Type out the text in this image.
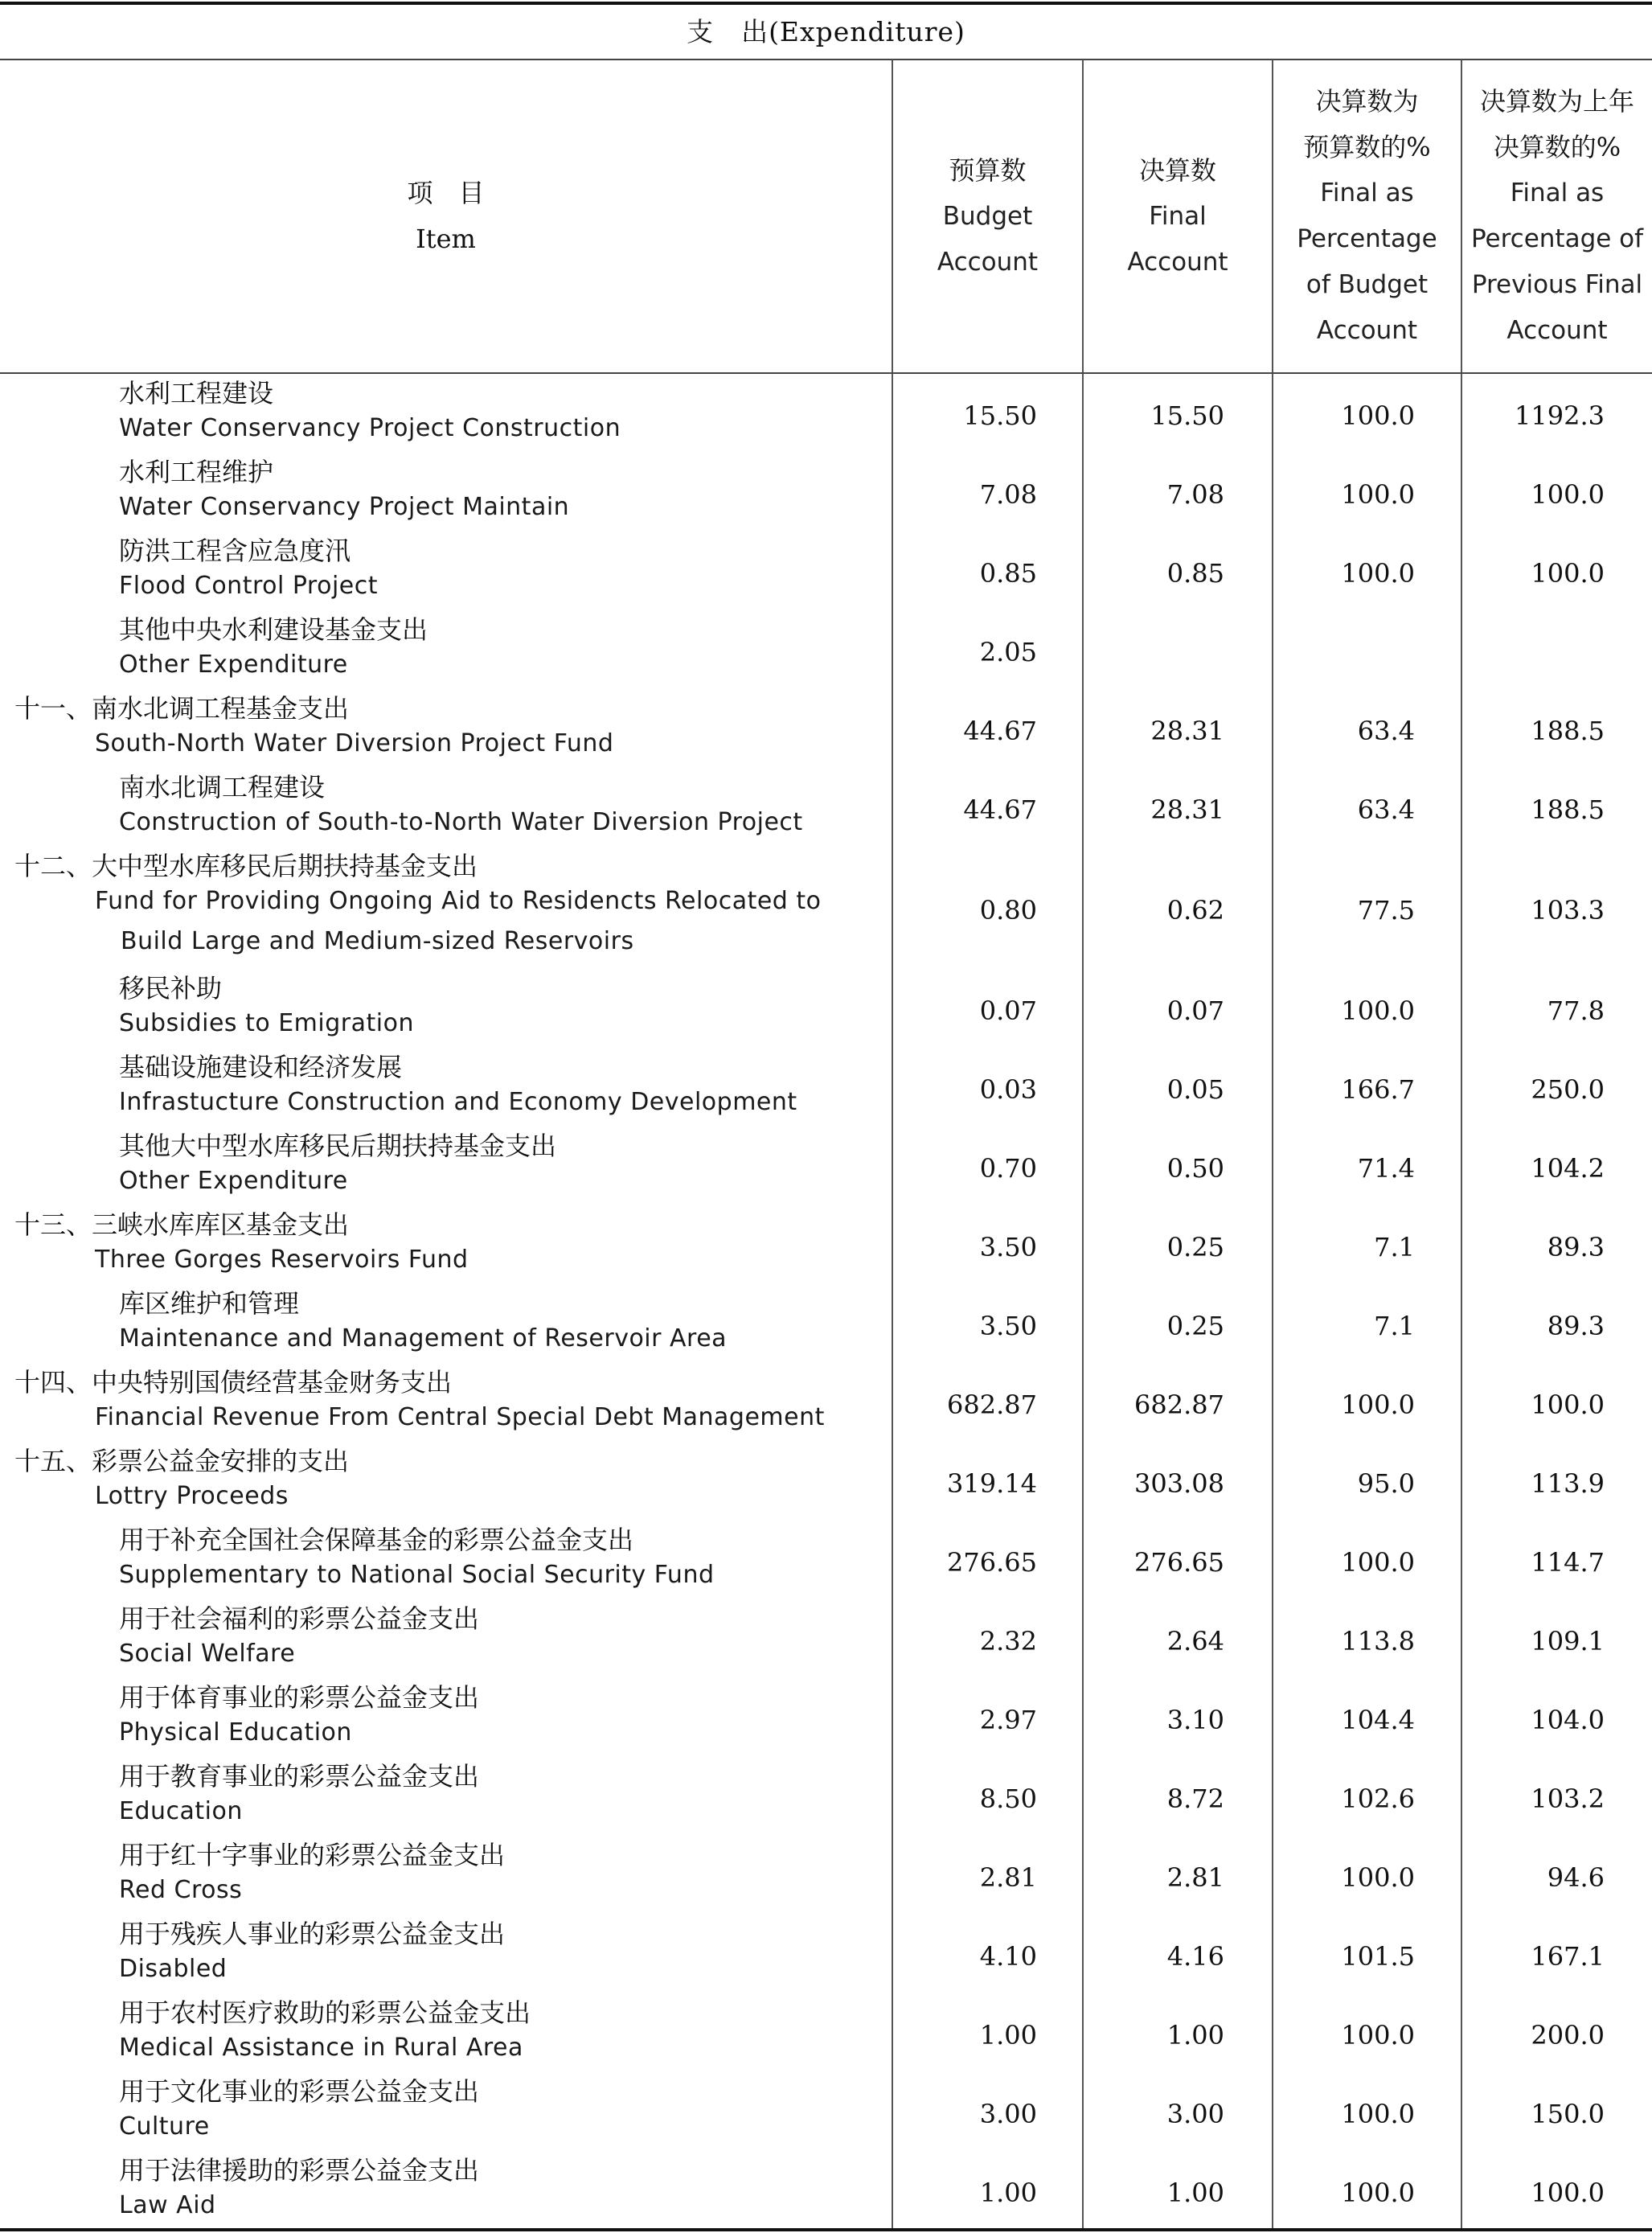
支　出(Expenditure)
项　目
Item
预算数
Budget
Account
决算数
Final
Account
决算数为
预算数的%
Final as
Percentage
of Budget
Account
决算数为上年
决算数的%
Final as
Percentage of
Previous Final
Account
水利工程建设
Water Conservancy Project Construction	15.50	15.50	100.0	1192.3
水利工程维护
Water Conservancy Project Maintain	7.08	7.08	100.0	100.0
防洪工程含应急度汛
Flood Control Project	0.85	0.85	100.0	100.0
其他中央水利建设基金支出
Other Expenditure	2.05
十一、南水北调工程基金支出
South-North Water Diversion Project Fund	44.67	28.31	63.4	188.5
南水北调工程建设
Construction of South-to-North Water Diversion Project	44.67	28.31	63.4	188.5
十二、大中型水库移民后期扶持基金支出
Fund for Providing Ongoing Aid to Residencts Relocated to
Build Large and Medium-sized Reservoirs
0.80	0.62	77.5	103.3
移民补助
Subsidies to Emigration	0.07	0.07	100.0	77.8
基础设施建设和经济发展
Infrastucture Construction and Economy Development	0.03	0.05	166.7	250.0
其他大中型水库移民后期扶持基金支出
Other Expenditure	0.70	0.50	71.4	104.2
十三、三峡水库库区基金支出
Three Gorges Reservoirs Fund	3.50	0.25	7.1	89.3
库区维护和管理
Maintenance and Management of Reservoir Area	3.50	0.25	7.1	89.3
十四、中央特别国债经营基金财务支出
Financial Revenue From Central Special Debt Management	682.87	682.87	100.0	100.0
十五、彩票公益金安排的支出
Lottry Proceeds	319.14	303.08	95.0	113.9
用于补充全国社会保障基金的彩票公益金支出
Supplementary to National Social Security Fund	276.65	276.65	100.0	114.7
用于社会福利的彩票公益金支出
Social Welfare	2.32	2.64	113.8	109.1
用于体育事业的彩票公益金支出
Physical Education	2.97	3.10	104.4	104.0
用于教育事业的彩票公益金支出
Education	8.50	8.72	102.6	103.2
用于红十字事业的彩票公益金支出
Red Cross	2.81	2.81	100.0	94.6
用于残疾人事业的彩票公益金支出
Disabled	4.10	4.16	101.5	167.1
用于农村医疗救助的彩票公益金支出
Medical Assistance in Rural Area	1.00	1.00	100.0	200.0
用于文化事业的彩票公益金支出
Culture	3.00	3.00	100.0	150.0
用于法律援助的彩票公益金支出
Law Aid	1.00	1.00	100.0	100.0
